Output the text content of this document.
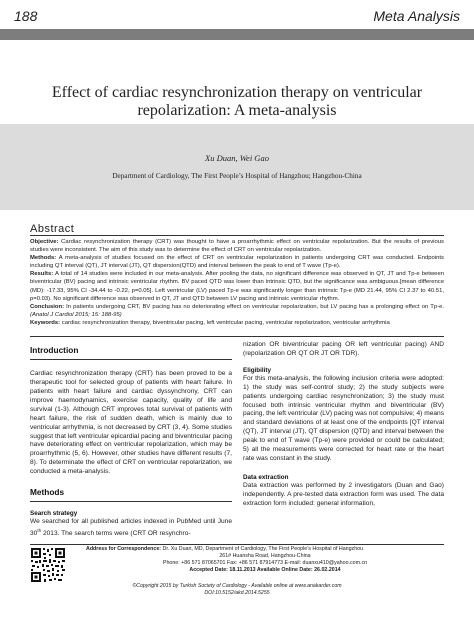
188	Meta Analysis
Effect of cardiac resynchronization therapy on ventricular
repolarization: A meta-analysis
Xu Duan, Wei Gao
Department of Cardiology, The First People’s Hospital of Hangzhou; Hangzhou-China
Abstract

Objective: Cardiac resynchronization therapy (CRT) was thought to have a proarrhythmic effect on ventricular repolarization. But the results of previous studies were inconsistent. The aim of this study was to determine the effect of CRT on ventricular repolarization.

Methods: A meta-analysis of studies focused on the effect of CRT on ventricular repolarization in patients undergoing CRT was conducted. Endpoints including QT interval (QT), JT interval (JT), QT dispersion(QTD) and interval between the peak to end of T wave (Tp-e).

Results: A total of 14 studies were included in our meta-analysis. After pooling the data, no significant difference was observed in QT, JT and Tp-e between biventricular (BV) pacing and intrinsic ventricular rhythm. BV paced QTD was lower than intrinsic QTD, but the significance was ambiguous.[mean difference (MD): -17.33, 95% CI -34.44 to -0.22, p=0.05]. Left ventricular (LV) paced Tp-e was significantly longer than intrinsic Tp-e (MD 21.44, 95% CI 2.37 to 40.51, p=0.03). No significant difference was observed in QT, JT and QTD between LV pacing and intrinsic ventricular rhythm.

Conclusion: In patients undergoing CRT, BV pacing has no deteriorating effect on ventricular repolarization, but LV pacing has a prolonging effect on Tp-e. (Anatol J Cardiol 2015; 15: 188-95)

Keywords: cardiac resynchronization therapy, biventricular pacing, left ventricular pacing, ventricular repolarization, ventricular arrhythmia

Introduction
Cardiac resynchronization therapy (CRT) has been proved to be a therapeutic tool for selected group of patients with heart failure. In patients with heart failure and cardiac dyssynchrony, CRT can improve haemodynamics, exercise capacity, quality of life and survival (1-3). Although CRT improves total survival of patients with heart failure, the risk of sudden death, which is mainly due to ventricular arrhythmia, is not decreased by CRT (3, 4). Some studies suggest that left ventricular epicardial pacing and biventricular pacing have deteriorating effect on ventricular repolarization, which may be proarrhythmic (5, 6). However, other studies have different results (7, 8). To determinate the effect of CRT on ventricular repolarization, we conducted a meta-analysis.
Methods
Search strategy
We searched for all published articles indexed in PubMed until June 30th 2013. The search terms were (CRT OR resynchro-
nization OR biventricular pacing OR left ventricular pacing) AND (repolarization OR QT OR JT OR TDR).
Eligibility
For this meta-analysis, the following inclusion criteria were adopted: 1) the study was self-control study; 2) the study subjects were patients undergoing cardiac resynchronization; 3) the study must focused both intrinsic ventricular rhythm and biventricular (BV) pacing, the left ventricular (LV) pacing was not compulsive; 4) means and standard deviations of at least one of the endpoints [QT interval (QT), JT interval (JT), QT dispersion (QTD) and interval between the peak to end of T wave (Tp-e) were provided or could be calculated; 5) all the measurements were corrected for heart rate or the heart rate was constant in the study.
Data extraction
Data extraction was performed by 2 investigators (Duan and Gao) independently. A pre-tested data extraction form was used. The data extraction form included: general information,

Address for Correspondence: Dr. Xu Duan, MD, Department of Cardiology, The First People’s Hospital of Hangzhou

261# Huansha Road, Hangzhou-China

Phone: +86 571 87065701 Fax: +86 571 87914773 E-mail: duanxu410@yahoo.com.cn

Accepted Date: 18.11.2013 Available Online Date: 26.02.2014

©Copyright 2015 by Turkish Society of Cardiology - Available online at www.anakarder.com

DOI:10.5152/akd.2014.5255
